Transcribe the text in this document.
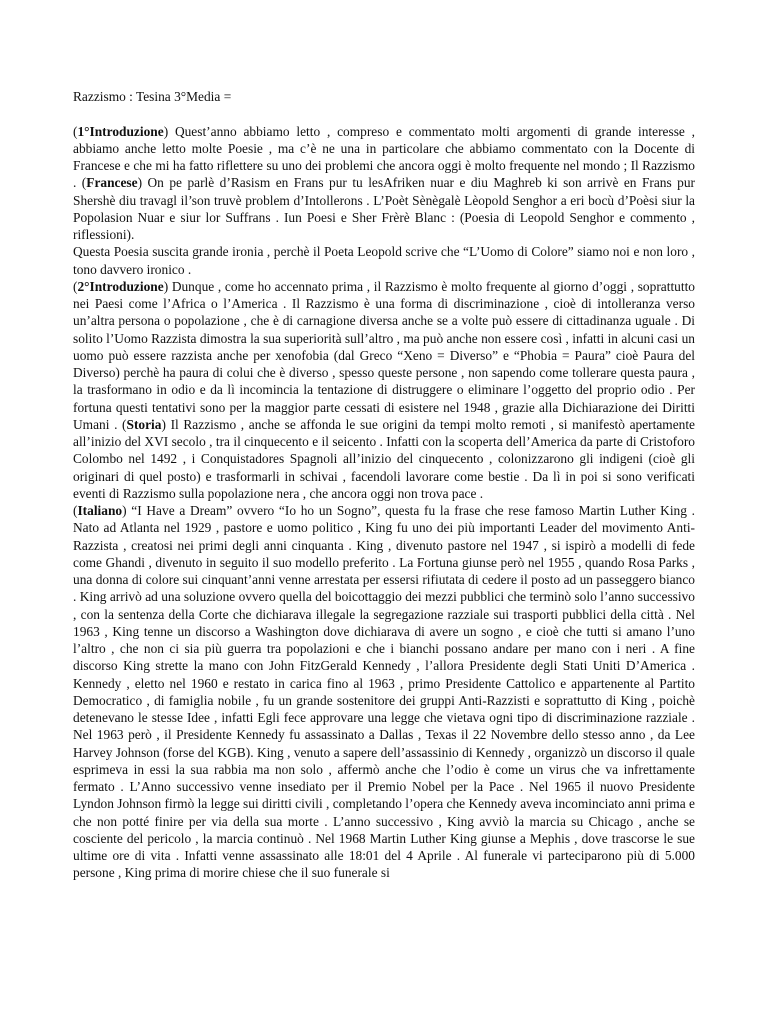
Razzismo : Tesina 3°Media =

(1°Introduzione) Quest’anno abbiamo letto , compreso e commentato molti argomenti di grande interesse , abbiamo anche letto molte Poesie , ma c’è ne una in particolare che abbiamo commentato con la Docente di Francese e che mi ha fatto riflettere su uno dei problemi che ancora oggi è molto frequente nel mondo ; Il Razzismo . (Francese) On pe parlè d’Rasism en Frans pur tu lesAfriken nuar e diu Maghreb ki son arrivè en Frans pur Shershè diu travagl il’son truvè problem d’Intollerons . L’Poèt Sènègalè Lèopold Senghor a eri bocù d’Poèsi siur la Popolasion Nuar e siur lor Suffrans . Iun Poesi e Sher Frèrè Blanc : (Poesia di Leopold Senghor e commento , riflessioni).

Questa Poesia suscita grande ironia , perchè il Poeta Leopold scrive che “L’Uomo di Colore” siamo noi e non loro , tono davvero ironico .

(2°Introduzione) Dunque , come ho accennato prima , il Razzismo è molto frequente al giorno d’oggi , soprattutto nei Paesi come l’Africa o l’America . Il Razzismo è una forma di discriminazione , cioè di intolleranza verso un’altra persona o popolazione , che è di carnagione diversa anche se a volte può essere di cittadinanza uguale . Di solito l’Uomo Razzista dimostra la sua superiorità sull’altro , ma può anche non essere così , infatti in alcuni casi un uomo può essere razzista anche per xenofobia (dal Greco “Xeno = Diverso” e “Phobia = Paura” cioè Paura del Diverso) perchè ha paura di colui che è diverso , spesso queste persone , non sapendo come tollerare questa paura , la trasformano in odio e da lì incomincia la tentazione di distruggere o eliminare l’oggetto del proprio odio . Per fortuna questi tentativi sono per la maggior parte cessati di esistere nel 1948 , grazie alla Dichiarazione dei Diritti Umani . (Storia) Il Razzismo , anche se affonda le sue origini da tempi molto remoti , si manifestò apertamente all’inizio del XVI secolo , tra il cinquecento e il seicento . Infatti con la scoperta dell’America da parte di Cristoforo Colombo nel 1492 , i Conquistadores Spagnoli all’inizio del cinquecento , colonizzarono gli indigeni (cioè gli originari di quel posto) e trasformarli in schivai , facendoli lavorare come bestie . Da lì in poi si sono verificati eventi di Razzismo sulla popolazione nera , che ancora oggi non trova pace .

(Italiano) “I Have a Dream” ovvero “Io ho un Sogno”, questa fu la frase che rese famoso Martin Luther King . Nato ad Atlanta nel 1929 , pastore e uomo politico , King fu uno dei più importanti Leader del movimento Anti-Razzista , creatosi nei primi degli anni cinquanta . King , divenuto pastore nel 1947 , si ispirò a modelli di fede come Ghandi , divenuto in seguito il suo modello preferito . La Fortuna giunse però nel 1955 , quando Rosa Parks , una donna di colore sui cinquant’anni venne arrestata per essersi rifiutata di cedere il posto ad un passeggero bianco . King arrivò ad una soluzione ovvero quella del boicottaggio dei mezzi pubblici che terminò solo l’anno successivo , con la sentenza della Corte che dichiarava illegale la segregazione razziale sui trasporti pubblici della città . Nel 1963 , King tenne un discorso a Washington dove dichiarava di avere un sogno , e cioè che tutti si amano l’uno l’altro , che non ci sia più guerra tra popolazioni e che i bianchi possano andare per mano con i neri . A fine discorso King strette la mano con John FitzGerald Kennedy , l’allora Presidente degli Stati Uniti D’America . Kennedy , eletto nel 1960 e restato in carica fino al 1963 , primo Presidente Cattolico e appartenente al Partito Democratico , di famiglia nobile , fu un grande sostenitore dei gruppi Anti-Razzisti e soprattutto di King , poichè detenevano le stesse Idee , infatti Egli fece approvare una legge che vietava ogni tipo di discriminazione razziale . Nel 1963 però , il Presidente Kennedy fu assassinato a Dallas , Texas il 22 Novembre dello stesso anno , da Lee Harvey Johnson (forse del KGB). King , venuto a sapere dell’assassinio di Kennedy , organizzò un discorso il quale esprimeva in essi la sua rabbia ma non solo , affermò anche che l’odio è come un virus che va infrettamente fermato . L’Anno successivo venne insediato per il Premio Nobel per la Pace . Nel 1965 il nuovo Presidente Lyndon Johnson firmò la legge sui diritti civili , completando l’opera che Kennedy aveva incominciato anni prima e che non potté finire per via della sua morte . L’anno successivo , King avviò la marcia su Chicago , anche se cosciente del pericolo , la marcia continuò . Nel 1968 Martin Luther King giunse a Mephis , dove trascorse le sue ultime ore di vita . Infatti venne assassinato alle 18:01 del 4 Aprile . Al funerale vi parteciparono più di 5.000 persone , King prima di morire chiese che il suo funerale si
